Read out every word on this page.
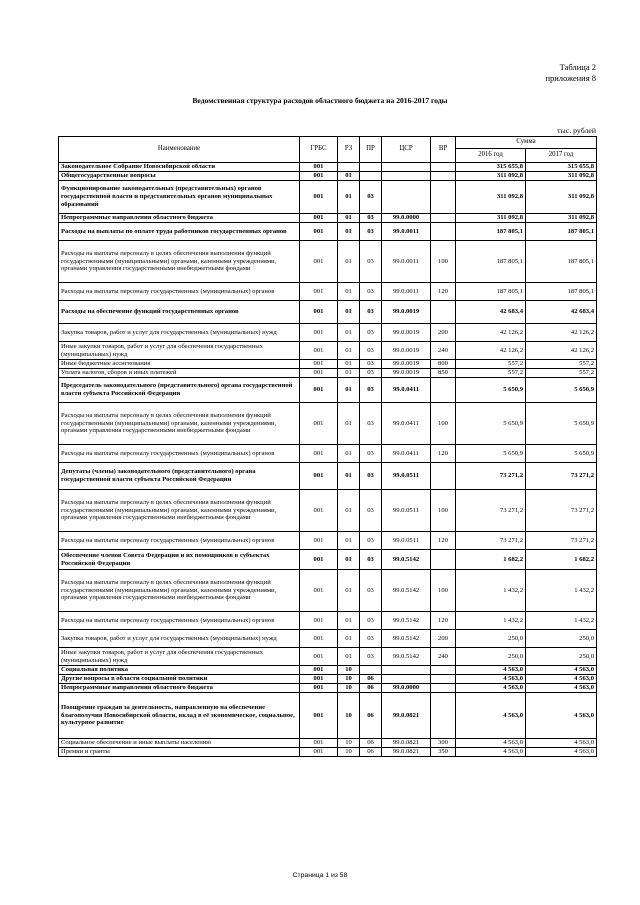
Таблица 2
приложения 8
Ведомственная структура расходов областного бюджета на 2016-2017 годы
тыс. рублей
Наименование	ГРБС	РЗ	ПР	ЦСР	ВР	Сумма	
						2016 год	2017 год
Законодательное Собрание Новосибирской области	001					315 655,8	315 655,8
Общегосударственные вопросы	001	01				311 092,8	311 092,8
Функционирование законодательных (представительных) органов государственной власти и представительных органов муниципальных образований	001	01	03			311 092,8	311 092,8
Непрограммные направления областного бюджета	001	01	03	99.0.0000		311 092,8	311 092,8
Расходы на выплаты по оплате труда работников государственных органов	001	01	03	99.0.0011		187 805,1	187 805,1
Расходы на выплаты персоналу в целях обеспечения выполнения функций государственными (муниципальными) органами, казенными учреждениями, органами управления государственными внебюджетными фондами	001	01	03	99.0.0011	100	187 805,1	187 805,1
Расходы на выплаты персоналу государственных (муниципальных) органов	001	01	03	99.0.0011	120	187 805,1	187 805,1
Расходы на обеспечение функций государственных органов	001	01	03	99.0.0019		42 683,4	42 683,4
Закупка товаров, работ и услуг для государственных (муниципальных) нужд	001	01	03	99.0.0019	200	42 126,2	42 126,2
Иные закупки товаров, работ и услуг для обеспечения государственных (муниципальных) нужд	001	01	03	99.0.0019	240	42 126,2	42 126,2
Иные бюджетные ассигнования	001	01	03	99.0.0019	800	557,2	557,2
Уплата налогов, сборов и иных платежей	001	01	03	99.0.0019	850	557,2	557,2
Председатель законодательного (представительного) органа государственной власти субъекта Российской Федерации	001	01	03	99.0.0411		5 650,9	5 650,9
Расходы на выплаты персоналу в целях обеспечения выполнения функций государственными (муниципальными) органами, казенными учреждениями, органами управления государственными внебюджетными фондами	001	01	03	99.0.0411	100	5 650,9	5 650,9
Расходы на выплаты персоналу государственных (муниципальных) органов	001	01	03	99.0.0411	120	5 650,9	5 650,9
Депутаты (члены) законодательного (представительного) органа государственной власти субъекта Российской Федерации	001	01	03	99.0.0511		73 271,2	73 271,2
Расходы на выплаты персоналу в целях обеспечения выполнения функций государственными (муниципальными) органами, казенными учреждениями, органами управления государственными внебюджетными фондами	001	01	03	99.0.0511	100	73 271,2	73 271,2
Расходы на выплаты персоналу государственных (муниципальных) органов	001	01	03	99.0.0511	120	73 271,2	73 271,2
Обеспечение членов Совета Федерации и их помощников в субъектах Российской Федерации	001	01	03	99.0.5142		1 682,2	1 682,2
Расходы на выплаты персоналу в целях обеспечения выполнения функций государственными (муниципальными) органами, казенными учреждениями, органами управления государственными внебюджетными фондами	001	01	03	99.0.5142	100	1 432,2	1 432,2
Расходы на выплаты персоналу государственных (муниципальных) органов	001	01	03	99.0.5142	120	1 432,2	1 432,2
Закупка товаров, работ и услуг для государственных (муниципальных) нужд	001	01	03	99.0.5142	200	250,0	250,0
Иные закупки товаров, работ и услуг для обеспечения государственных (муниципальных) нужд	001	01	03	99.0.5142	240	250,0	250,0
Социальная политика	001	10				4 563,0	4 563,0
Другие вопросы в области социальной политики	001	10	06			4 563,0	4 563,0
Непрограммные направления областного бюджета	001	10	06	99.0.0000		4 563,0	4 563,0
Поощрение граждан за деятельность, направленную на обеспечение благополучия Новосибирской области, вклад в её экономическое, социальное, культурное развитие	001	10	06	99.0.0821		4 563,0	4 563,0
Социальное обеспечение и иные выплаты населению	001	10	06	99.0.0821	300	4 563,0	4 563,0
Премии и гранты	001	10	06	99.0.0821	350	4 563,0	4 563,0
Страница 1 из 58
